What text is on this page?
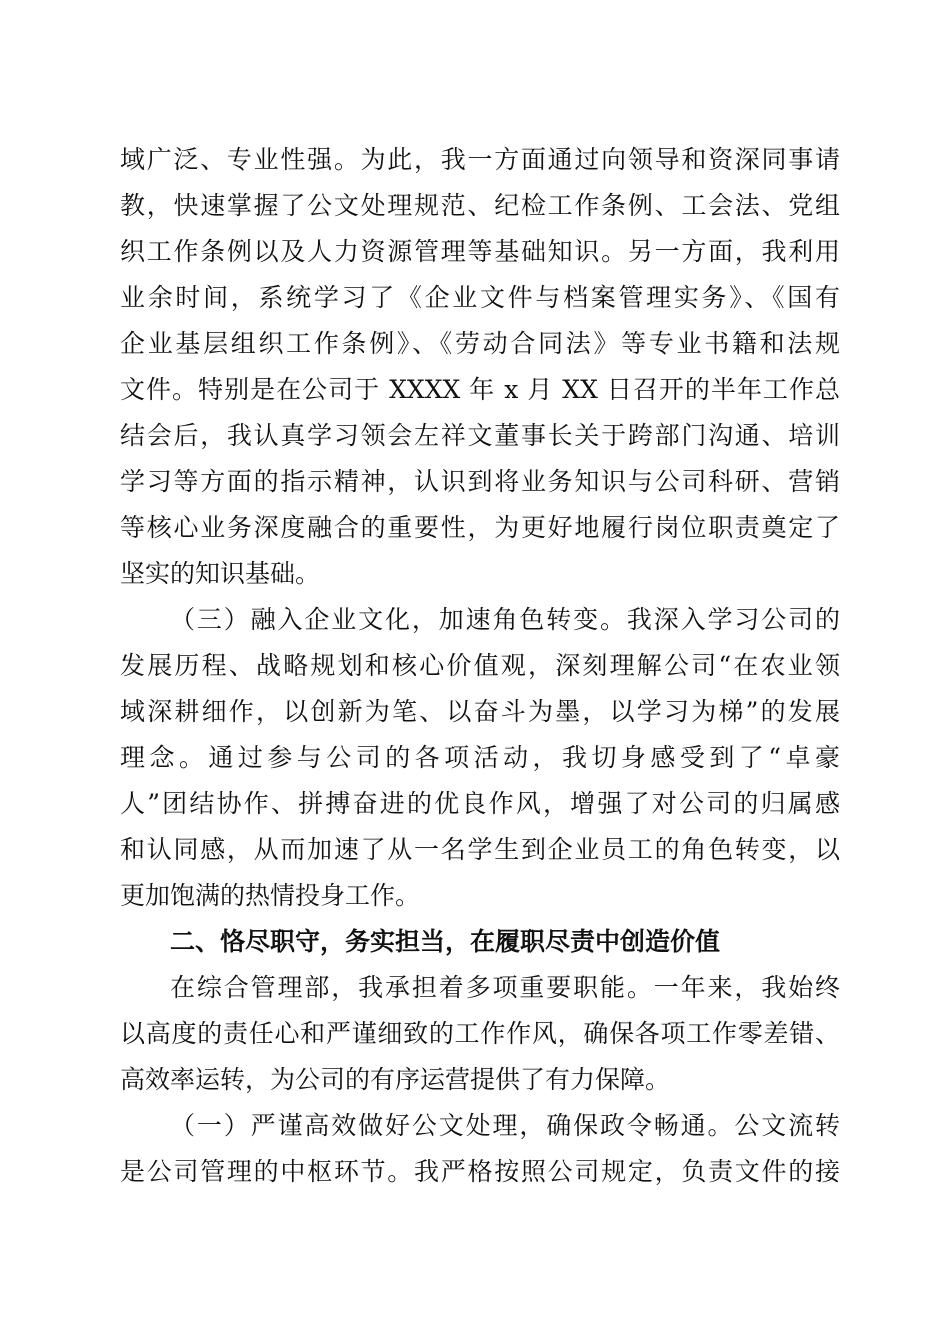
域广泛、专业性强。为此，我一方面通过向领导和资深同事请
教，快速掌握了公文处理规范、纪检工作条例、工会法、党组
织工作条例以及人力资源管理等基础知识。另一方面，我利用
业余时间，系统学习了《企业文件与档案管理实务》、《国有
企业基层组织工作条例》、《劳动合同法》等专业书籍和法规
文件。特别是在公司于 XXXX 年 x 月 XX 日召开的半年工作总
结会后，我认真学习领会左祥文董事长关于跨部门沟通、培训
学习等方面的指示精神，认识到将业务知识与公司科研、营销
等核心业务深度融合的重要性，为更好地履行岗位职责奠定了
坚实的知识基础。
（三）融入企业文化，加速角色转变。我深入学习公司的
发展历程、战略规划和核心价值观，深刻理解公司“在农业领
域深耕细作，以创新为笔、以奋斗为墨，以学习为梯”的发展
理念。通过参与公司的各项活动，我切身感受到了“卓豪
人”团结协作、拼搏奋进的优良作风，增强了对公司的归属感
和认同感，从而加速了从一名学生到企业员工的角色转变，以
更加饱满的热情投身工作。
二、恪尽职守，务实担当，在履职尽责中创造价值
在综合管理部，我承担着多项重要职能。一年来，我始终
以高度的责任心和严谨细致的工作作风，确保各项工作零差错、
高效率运转，为公司的有序运营提供了有力保障。
（一）严谨高效做好公文处理，确保政令畅通。公文流转
是公司管理的中枢环节。我严格按照公司规定，负责文件的接
